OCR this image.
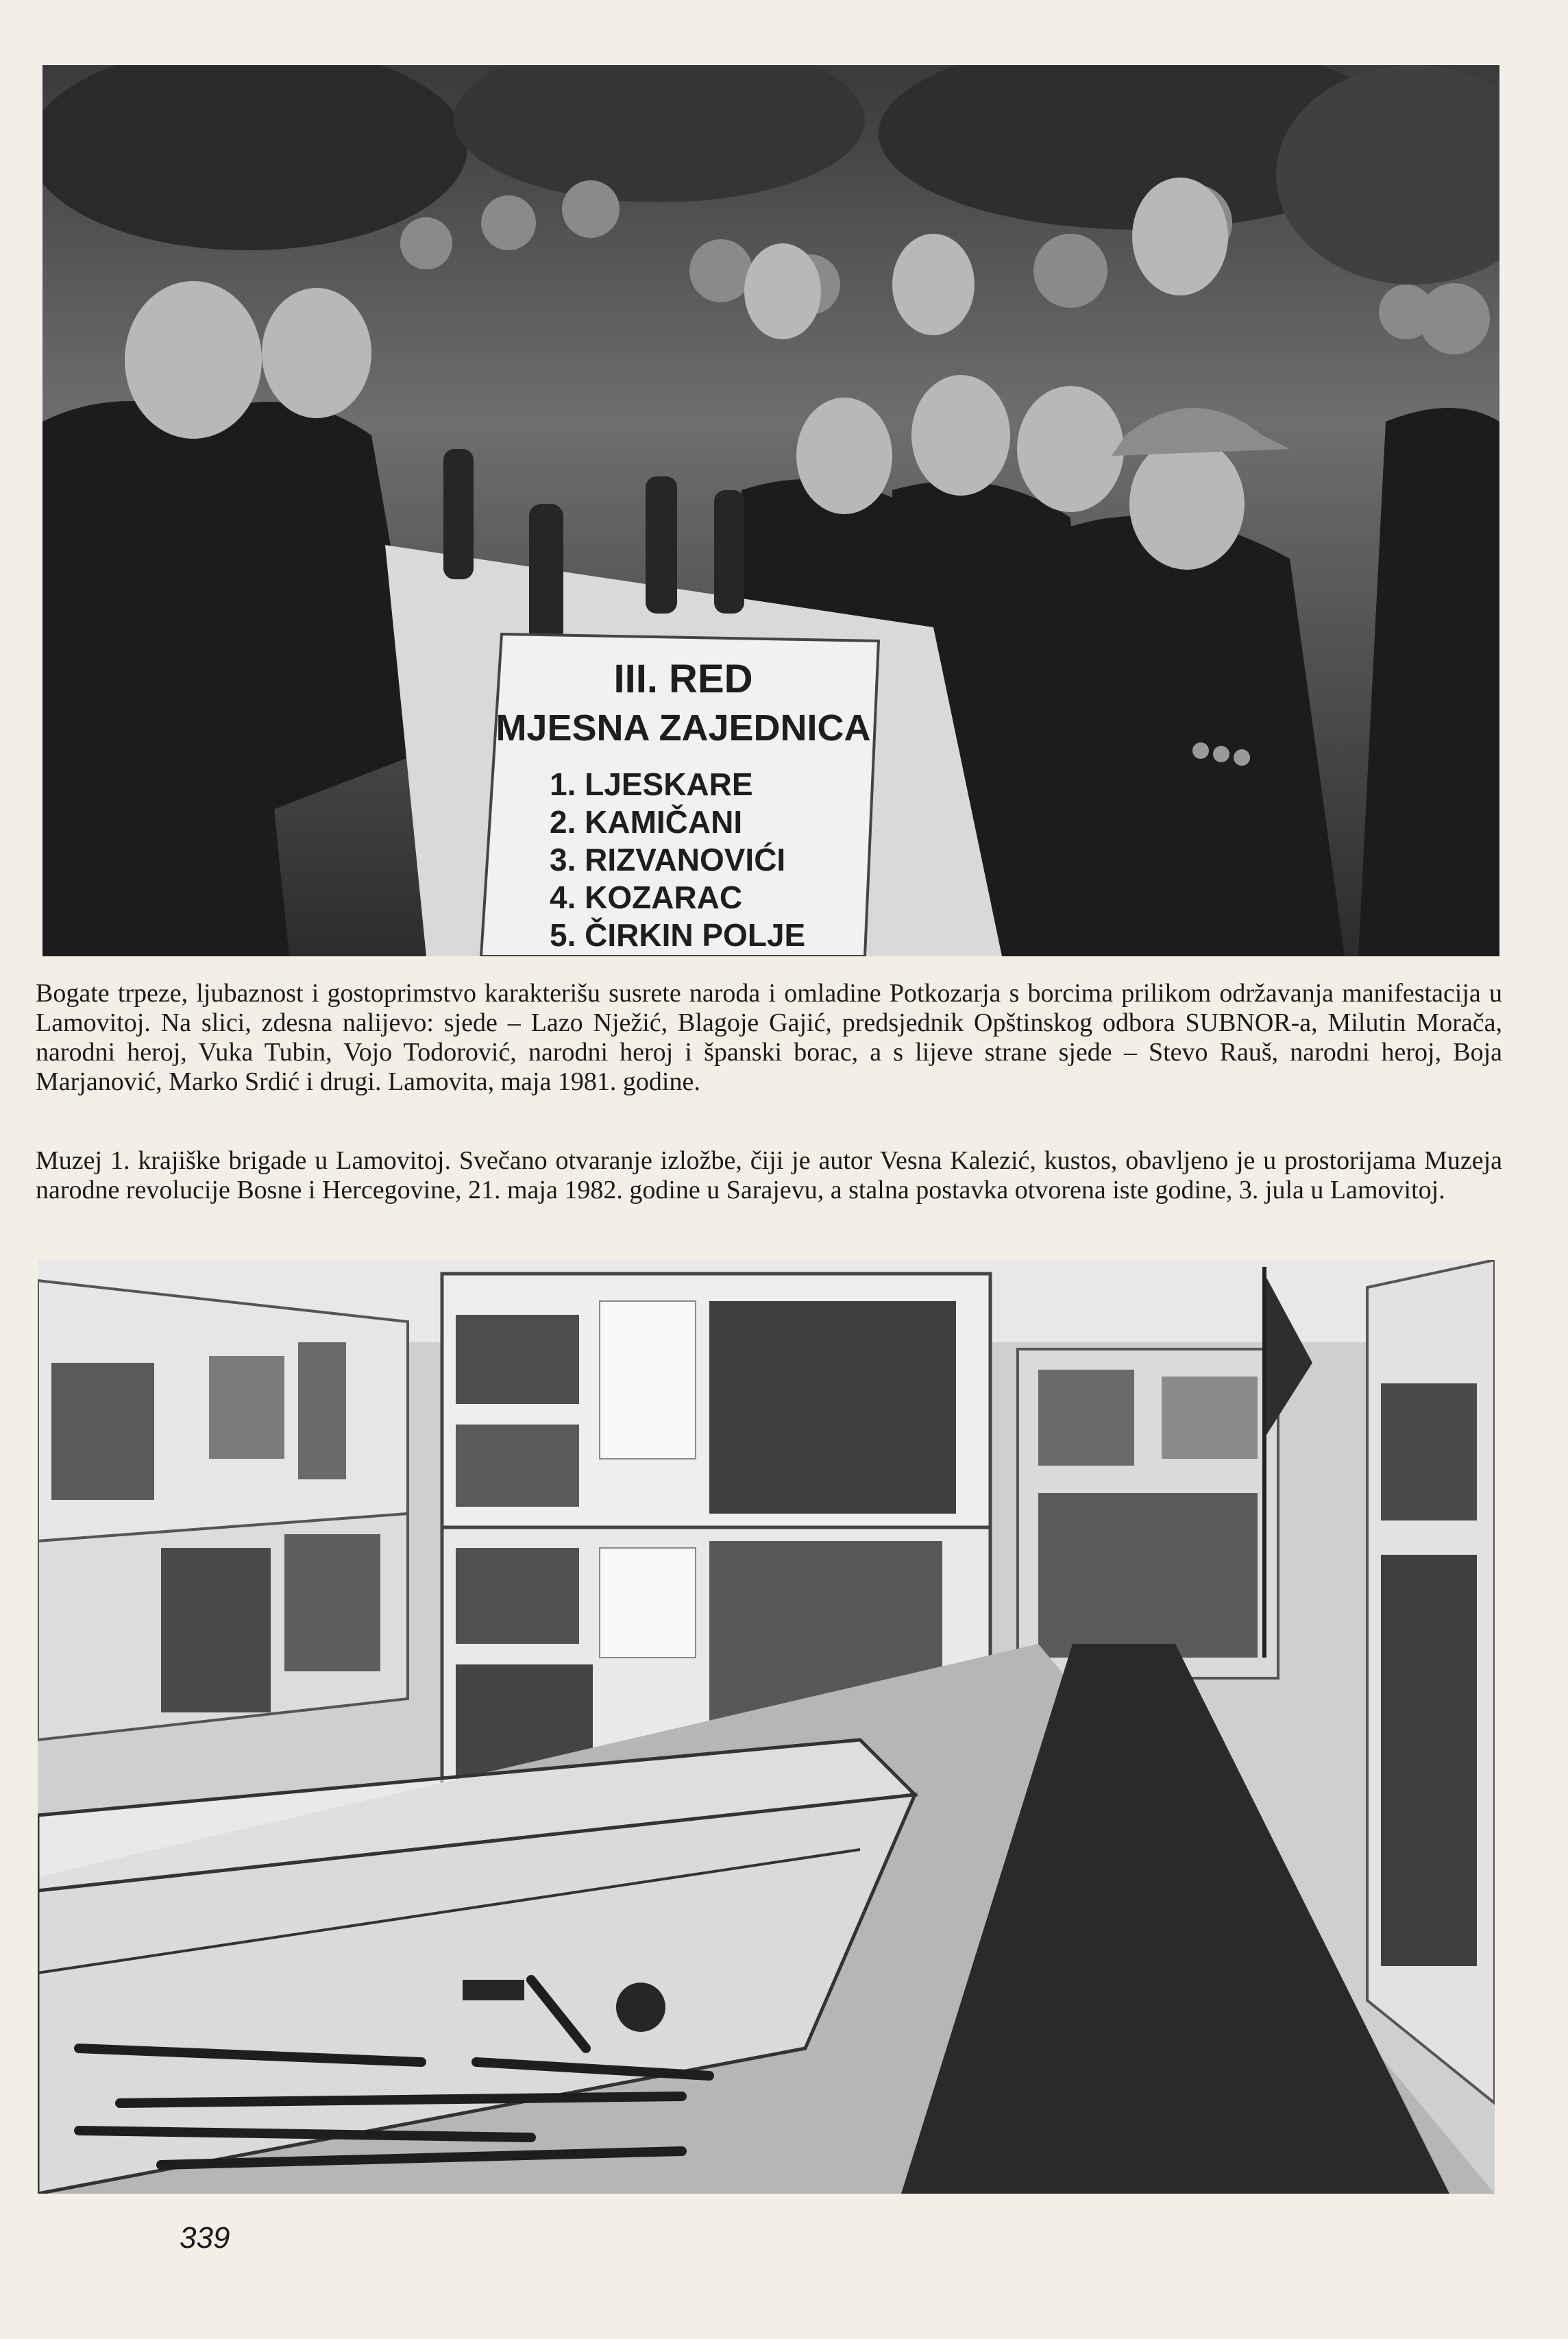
III. RED
MJESNA ZAJEDNICA
1. LJESKARE
2. KAMIČANI
3. RIZVANOVIĆI
4. KOZARAC
5. ČIRKIN POLJE

Bogate trpeze, ljubaznost i gostoprimstvo karakterišu susrete naroda i omladine Potkozarja s borcima prilikom održavanja manifestacija u Lamovitoj. Na slici, zdesna nalijevo: sjede – Lazo Nježić, Blagoje Gajić, predsjednik Opštinskog odbora SUBNOR-a, Milutin Morača, narodni heroj, Vuka Tubin, Vojo Todorović, narodni heroj i španski borac, a s lijeve strane sjede – Stevo Rauš, narodni heroj, Boja Marjanović, Marko Srdić i drugi. Lamovita, maja 1981. godine.

Muzej 1. krajiške brigade u Lamovitoj. Svečano otvaranje izložbe, čiji je autor Vesna Kalezić, kustos, obavljeno je u prostorijama Muzeja narodne revolucije Bosne i Hercegovine, 21. maja 1982. godine u Sarajevu, a stalna postavka otvorena iste godine, 3. jula u Lamovitoj.

339
